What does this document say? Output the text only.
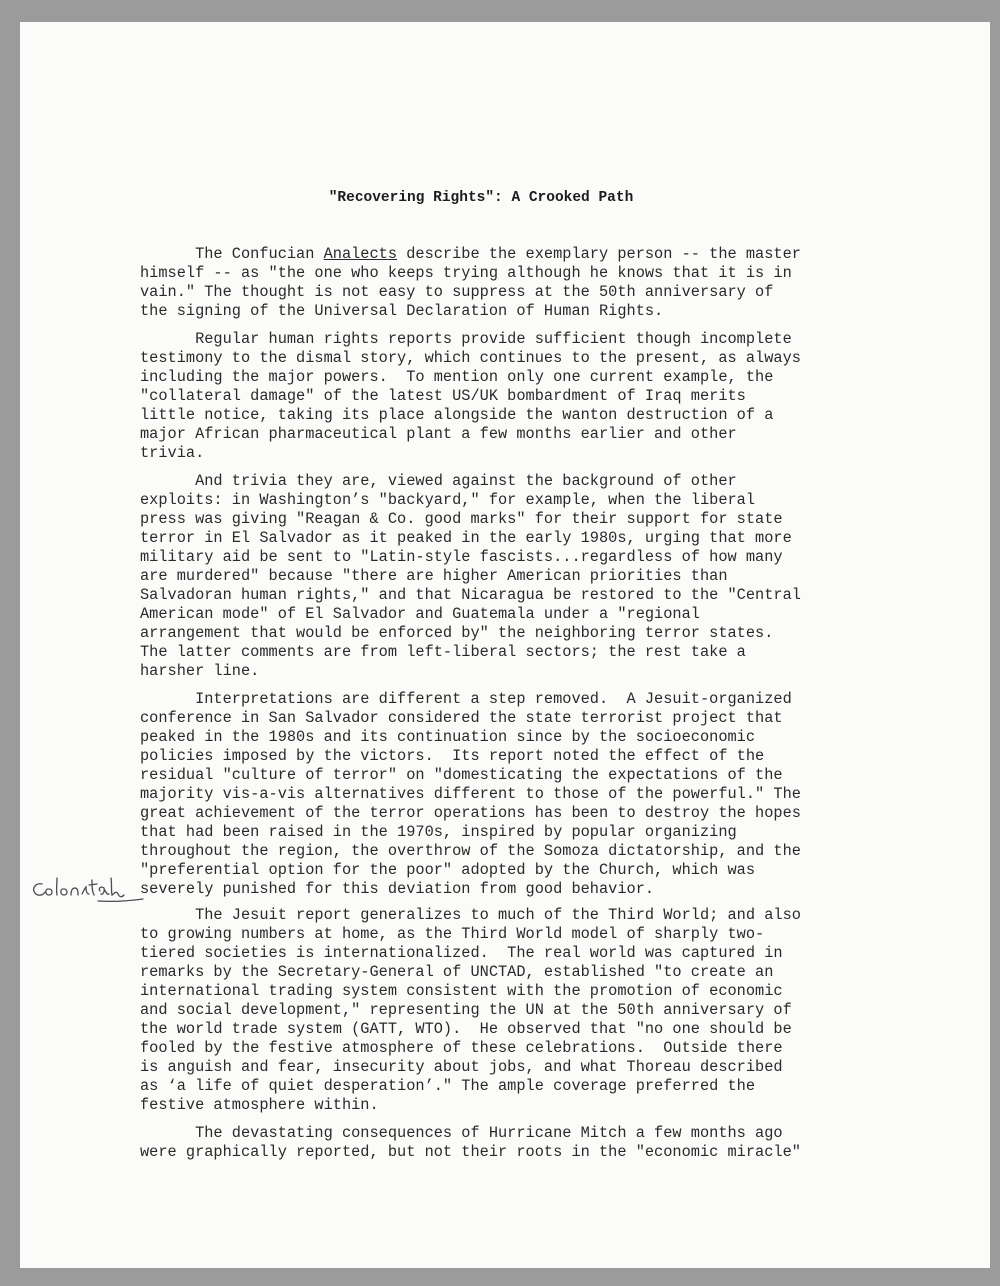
"Recovering Rights": A Crooked Path

The Confucian Analects describe the exemplary person -- the master
himself -- as "the one who keeps trying although he knows that it is in
vain." The thought is not easy to suppress at the 50th anniversary of
the signing of the Universal Declaration of Human Rights.

Regular human rights reports provide sufficient though incomplete
testimony to the dismal story, which continues to the present, as always
including the major powers.  To mention only one current example, the
"collateral damage" of the latest US/UK bombardment of Iraq merits
little notice, taking its place alongside the wanton destruction of a
major African pharmaceutical plant a few months earlier and other
trivia.

And trivia they are, viewed against the background of other
exploits: in Washington’s "backyard," for example, when the liberal
press was giving "Reagan & Co. good marks" for their support for state
terror in El Salvador as it peaked in the early 1980s, urging that more
military aid be sent to "Latin-style fascists...regardless of how many
are murdered" because "there are higher American priorities than
Salvadoran human rights," and that Nicaragua be restored to the "Central
American mode" of El Salvador and Guatemala under a "regional
arrangement that would be enforced by" the neighboring terror states.
The latter comments are from left-liberal sectors; the rest take a
harsher line.

Interpretations are different a step removed.  A Jesuit-organized
conference in San Salvador considered the state terrorist project that
peaked in the 1980s and its continuation since by the socioeconomic
policies imposed by the victors.  Its report noted the effect of the
residual "culture of terror" on "domesticating the expectations of the
majority vis-a-vis alternatives different to those of the powerful." The
great achievement of the terror operations has been to destroy the hopes
that had been raised in the 1970s, inspired by popular organizing
throughout the region, the overthrow of the Somoza dictatorship, and the
"preferential option for the poor" adopted by the Church, which was
severely punished for this deviation from good behavior.

The Jesuit report generalizes to much of the Third World; and also
to growing numbers at home, as the Third World model of sharply two-
tiered societies is internationalized.  The real world was captured in
remarks by the Secretary-General of UNCTAD, established "to create an
international trading system consistent with the promotion of economic
and social development," representing the UN at the 50th anniversary of
the world trade system (GATT, WTO).  He observed that "no one should be
fooled by the festive atmosphere of these celebrations.  Outside there
is anguish and fear, insecurity about jobs, and what Thoreau described
as ‘a life of quiet desperation’." The ample coverage preferred the
festive atmosphere within.

The devastating consequences of Hurricane Mitch a few months ago
were graphically reported, but not their roots in the "economic miracle"
